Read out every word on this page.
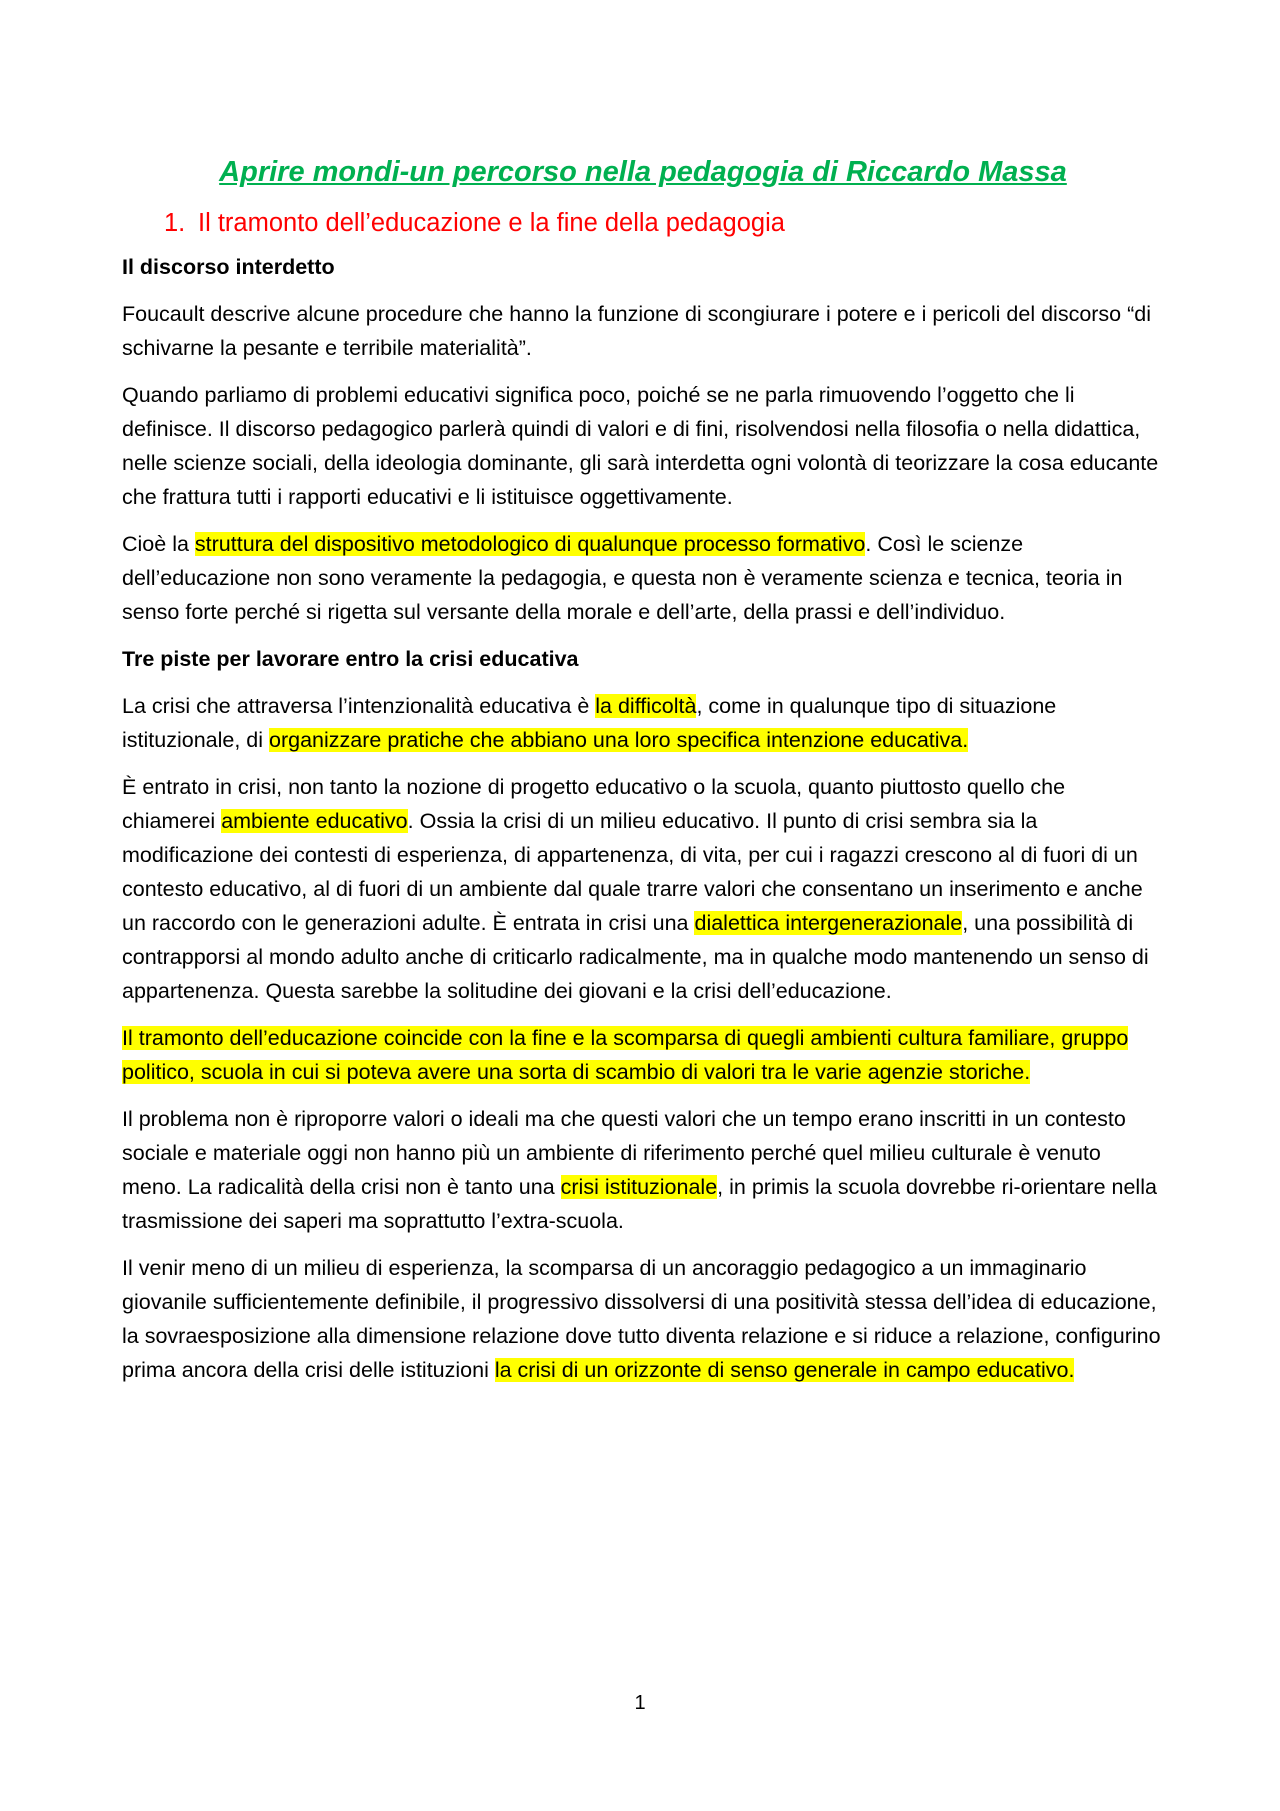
Aprire mondi-un percorso nella pedagogia di Riccardo Massa
1. Il tramonto dell’educazione e la fine della pedagogia
Il discorso interdetto

Foucault descrive alcune procedure che hanno la funzione di scongiurare i potere e i pericoli del discorso “di schivarne la pesante e terribile materialità”.

Quando parliamo di problemi educativi significa poco, poiché se ne parla rimuovendo l’oggetto che li definisce. Il discorso pedagogico parlerà quindi di valori e di fini, risolvendosi nella filosofia o nella didattica, nelle scienze sociali, della ideologia dominante, gli sarà interdetta ogni volontà di teorizzare la cosa educante che frattura tutti i rapporti educativi e li istituisce oggettivamente.

Cioè la struttura del dispositivo metodologico di qualunque processo formativo. Così le scienze dell’educazione non sono veramente la pedagogia, e questa non è veramente scienza e tecnica, teoria in senso forte perché si rigetta sul versante della morale e dell’arte, della prassi e dell’individuo.

Tre piste per lavorare entro la crisi educativa

La crisi che attraversa l’intenzionalità educativa è la difficoltà, come in qualunque tipo di situazione istituzionale, di organizzare pratiche che abbiano una loro specifica intenzione educativa.

È entrato in crisi, non tanto la nozione di progetto educativo o la scuola, quanto piuttosto quello che chiamerei ambiente educativo. Ossia la crisi di un milieu educativo. Il punto di crisi sembra sia la modificazione dei contesti di esperienza, di appartenenza, di vita, per cui i ragazzi crescono al di fuori di un contesto educativo, al di fuori di un ambiente dal quale trarre valori che consentano un inserimento e anche un raccordo con le generazioni adulte. È entrata in crisi una dialettica intergenerazionale, una possibilità di contrapporsi al mondo adulto anche di criticarlo radicalmente, ma in qualche modo mantenendo un senso di appartenenza. Questa sarebbe la solitudine dei giovani e la crisi dell’educazione.

Il tramonto dell’educazione coincide con la fine e la scomparsa di quegli ambienti cultura familiare, gruppo politico, scuola in cui si poteva avere una sorta di scambio di valori tra le varie agenzie storiche.

Il problema non è riproporre valori o ideali ma che questi valori che un tempo erano inscritti in un contesto sociale e materiale oggi non hanno più un ambiente di riferimento perché quel milieu culturale è venuto meno. La radicalità della crisi non è tanto una crisi istituzionale, in primis la scuola dovrebbe ri-orientare nella trasmissione dei saperi ma soprattutto l’extra-scuola.

Il venir meno di un milieu di esperienza, la scomparsa di un ancoraggio pedagogico a un immaginario giovanile sufficientemente definibile, il progressivo dissolversi di una positività stessa dell’idea di educazione, la sovraesposizione alla dimensione relazione dove tutto diventa relazione e si riduce a relazione, configurino prima ancora della crisi delle istituzioni la crisi di un orizzonte di senso generale in campo educativo.

1
